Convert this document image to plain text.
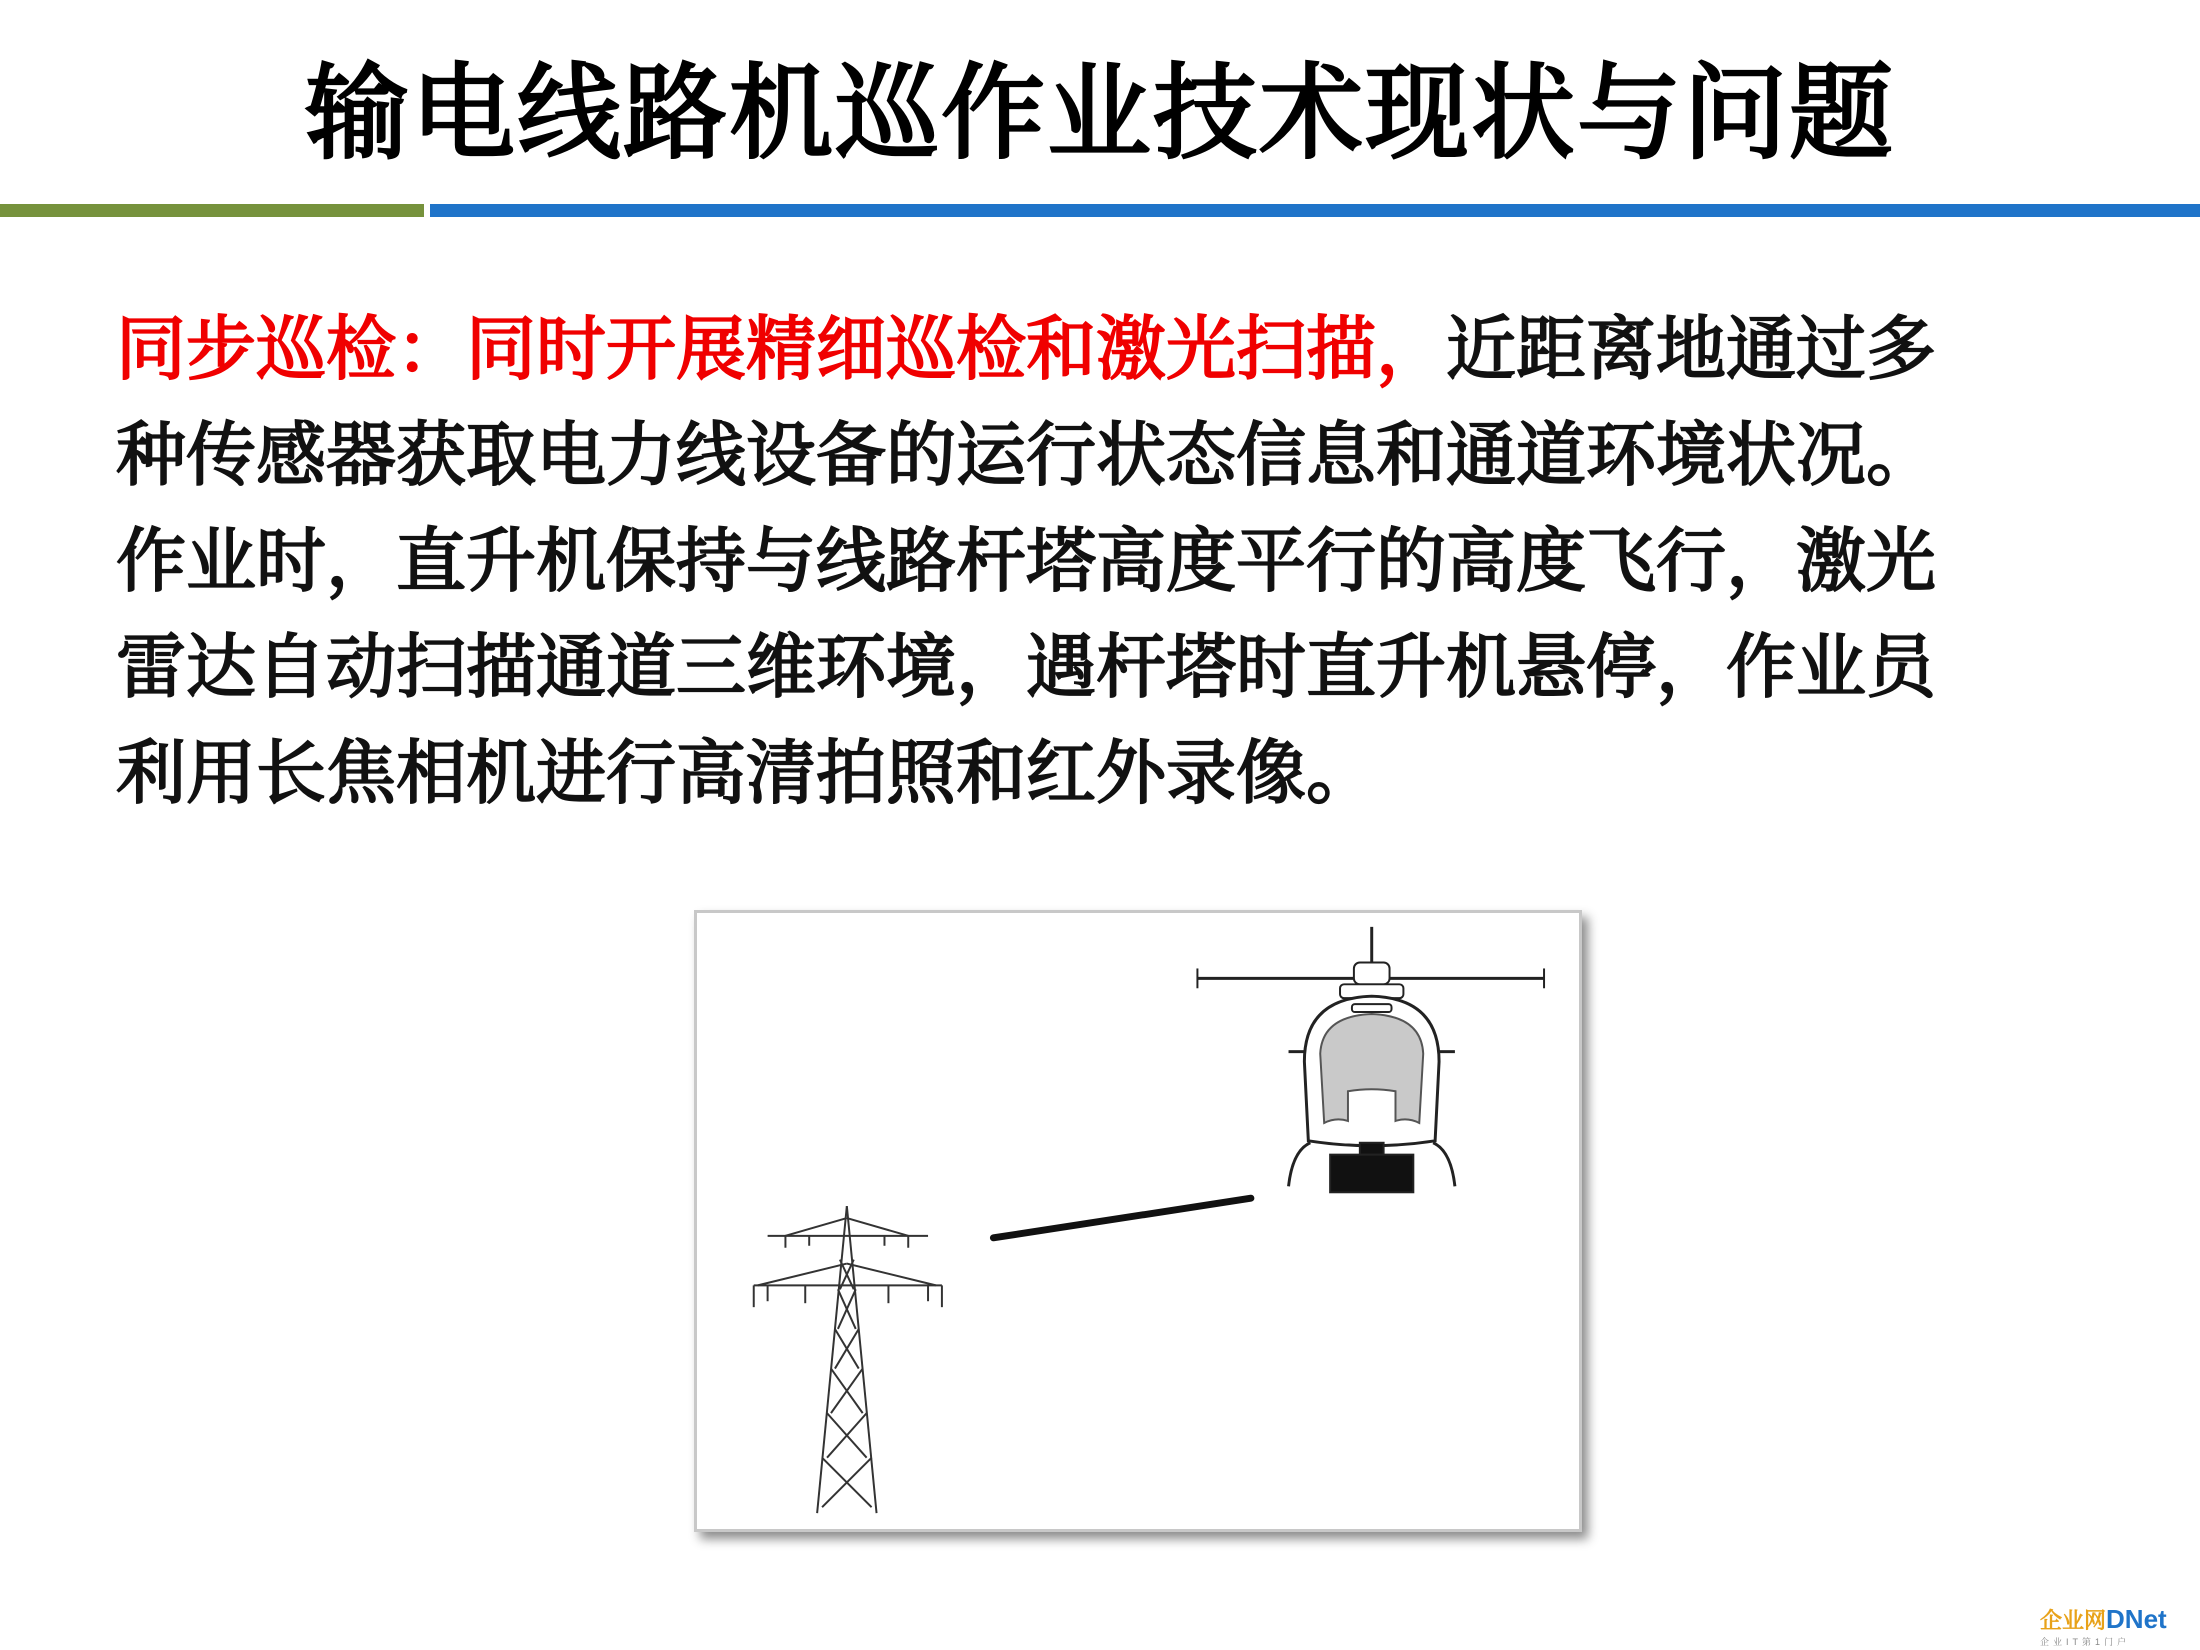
输电线路机巡作业技术现状与问题
同步巡检：同时开展精细巡检和激光扫描，近距离地通过多种传感器获取电力线设备的运行状态信息和通道环境状况。作业时，直升机保持与线路杆塔高度平行的高度飞行，激光雷达自动扫描通道三维环境，遇杆塔时直升机悬停，作业员利用长焦相机进行高清拍照和红外录像。
企业网DNet
企业IT第1门户
